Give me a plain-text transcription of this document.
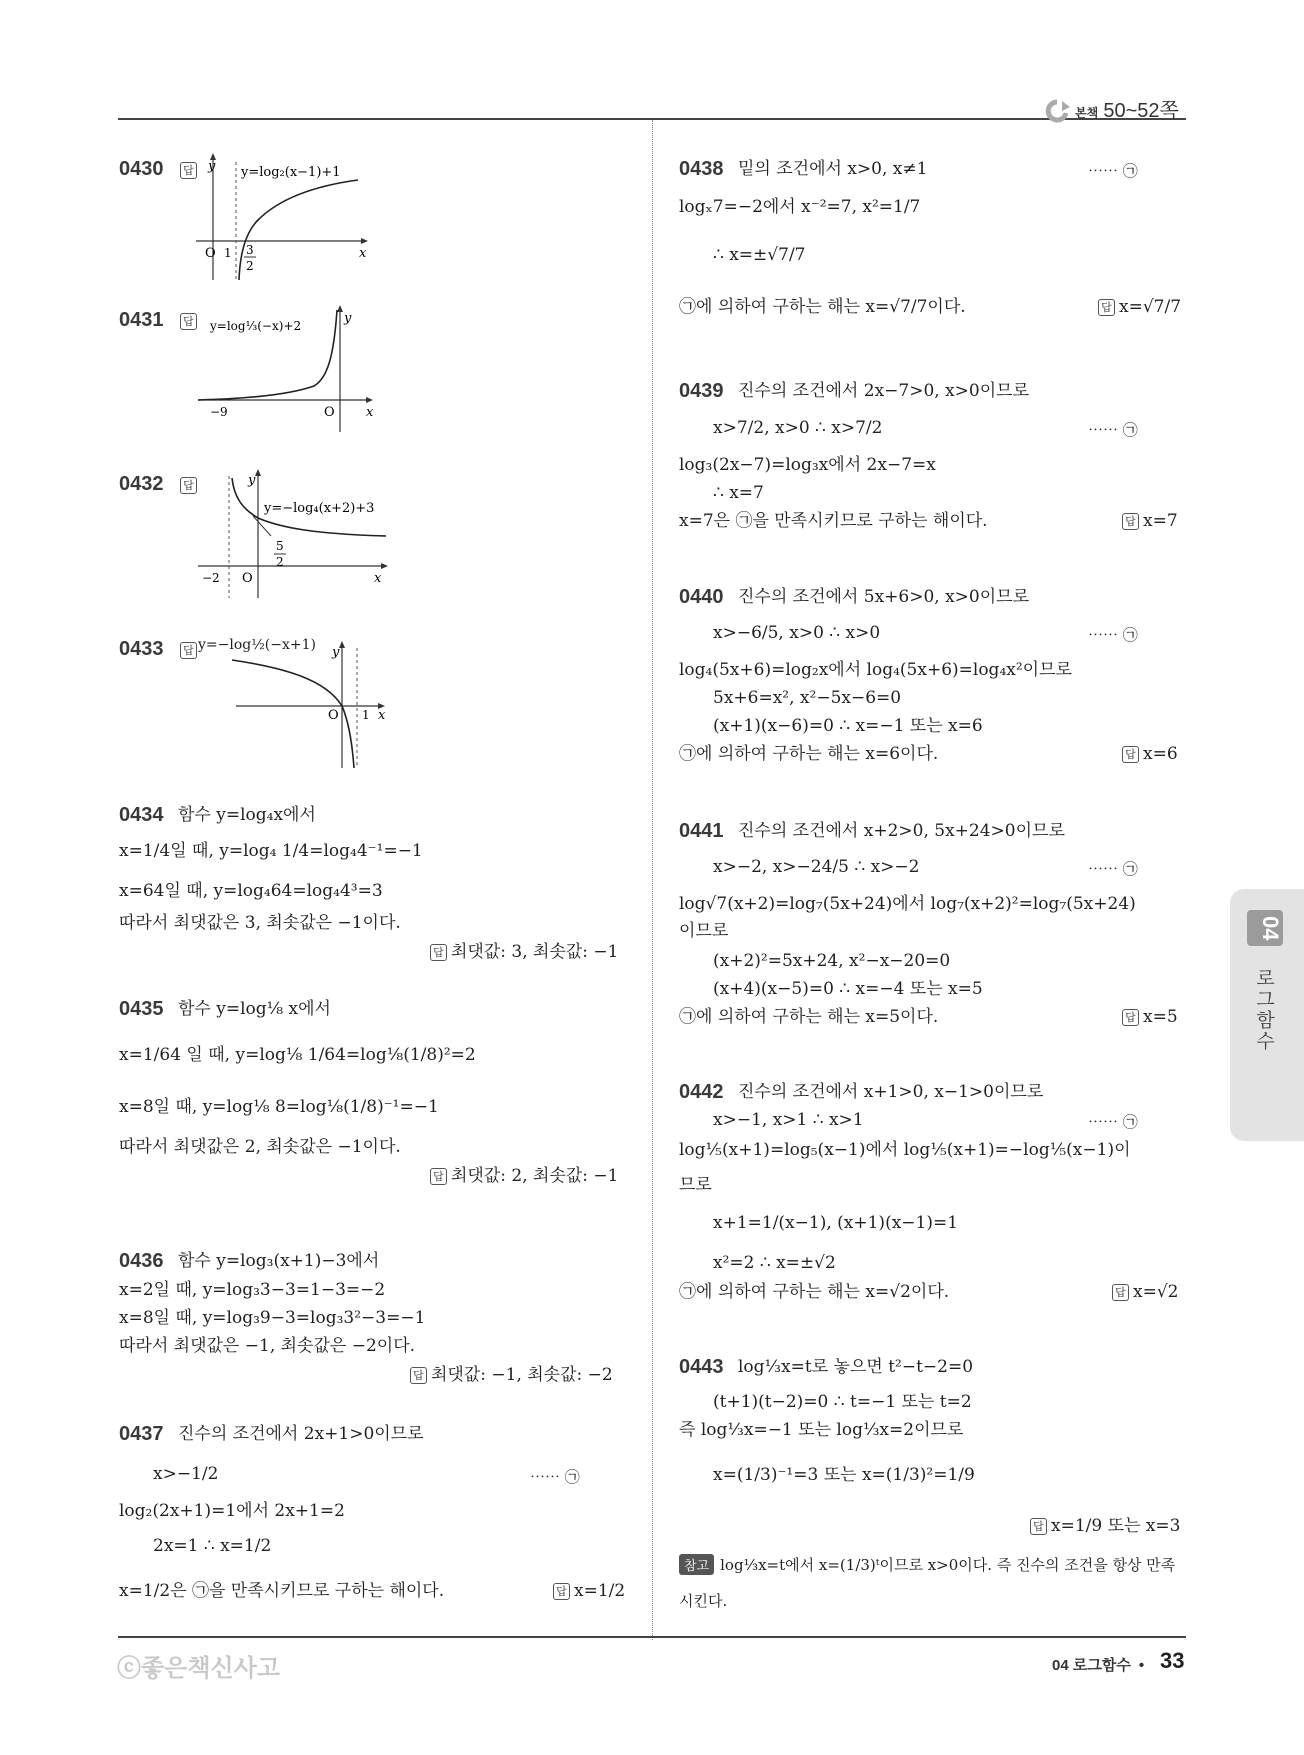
본책 50~52쪽
04
로그함수
0430 답	y
x
O 1 3
2
y=log₂(x−1)+1
0431 답	y
x
O
−9
y=log⅓(−x)+2
0432 답	y
x
O
−2
5
2
y=−log₄(x+2)+3
0433 답 y=−log½(−x+1) y
x
O 1
0434 함수 y=log₄x에서
x=1/4일 때, y=log₄ 1/4=log₄4⁻¹=−1
x=64일 때, y=log₄64=log₄4³=3
따라서 최댓값은 3, 최솟값은 −1이다.
답 최댓값: 3, 최솟값: −1
0435 함수 y=log⅛ x에서
x=1/64 일 때, y=log⅛ 1/64=log⅛(1/8)²=2
x=8일 때, y=log⅛ 8=log⅛(1/8)⁻¹=−1
따라서 최댓값은 2, 최솟값은 −1이다.
답 최댓값: 2, 최솟값: −1
0436 함수 y=log₃(x+1)−3에서
x=2일 때, y=log₃3−3=1−3=−2
x=8일 때, y=log₃9−3=log₃3²−3=−1
따라서 최댓값은 −1, 최솟값은 −2이다.
답 최댓값: −1, 최솟값: −2
0437 진수의 조건에서 2x+1>0이므로
x>−1/2	⋯⋯ ㉠
log₂(2x+1)=1에서 2x+1=2
2x=1 ∴ x=1/2
x=1/2은 ㉠을 만족시키므로 구하는 해이다.	답 x=1/2
0438 밑의 조건에서 x>0, x≠1	⋯⋯ ㉠
logₓ7=−2에서 x⁻²=7, x²=1/7
∴ x=±√7/7
㉠에 의하여 구하는 해는 x=√7/7이다.	답 x=√7/7
0439 진수의 조건에서 2x−7>0, x>0이므로
x>7/2, x>0 ∴ x>7/2	⋯⋯ ㉠
log₃(2x−7)=log₃x에서 2x−7=x
∴ x=7
x=7은 ㉠을 만족시키므로 구하는 해이다.	답 x=7
0440 진수의 조건에서 5x+6>0, x>0이므로
x>−6/5, x>0 ∴ x>0	⋯⋯ ㉠
log₄(5x+6)=log₂x에서 log₄(5x+6)=log₄x²이므로
5x+6=x², x²−5x−6=0
(x+1)(x−6)=0 ∴ x=−1 또는 x=6
㉠에 의하여 구하는 해는 x=6이다.	답 x=6
0441 진수의 조건에서 x+2>0, 5x+24>0이므로
x>−2, x>−24/5 ∴ x>−2	⋯⋯ ㉠
log√7(x+2)=log₇(5x+24)에서 log₇(x+2)²=log₇(5x+24)
이므로
(x+2)²=5x+24, x²−x−20=0
(x+4)(x−5)=0 ∴ x=−4 또는 x=5
㉠에 의하여 구하는 해는 x=5이다.	답 x=5
0442 진수의 조건에서 x+1>0, x−1>0이므로
x>−1, x>1 ∴ x>1	⋯⋯ ㉠
log⅕(x+1)=log₅(x−1)에서 log⅕(x+1)=−log⅕(x−1)이
므로
x+1=1/(x−1), (x+1)(x−1)=1
x²=2 ∴ x=±√2
㉠에 의하여 구하는 해는 x=√2이다.	답 x=√2
0443 log⅓x=t로 놓으면 t²−t−2=0
(t+1)(t−2)=0 ∴ t=−1 또는 t=2
즉 log⅓x=−1 또는 log⅓x=2이므로
x=(1/3)⁻¹=3 또는 x=(1/3)²=1/9
답 x=1/9 또는 x=3
참고 log⅓x=t에서 x=(1/3)ᵗ이므로 x>0이다. 즉 진수의 조건을 항상 만족
시킨다.
ⓒ좋은책신사고	04 로그함수 • 33
